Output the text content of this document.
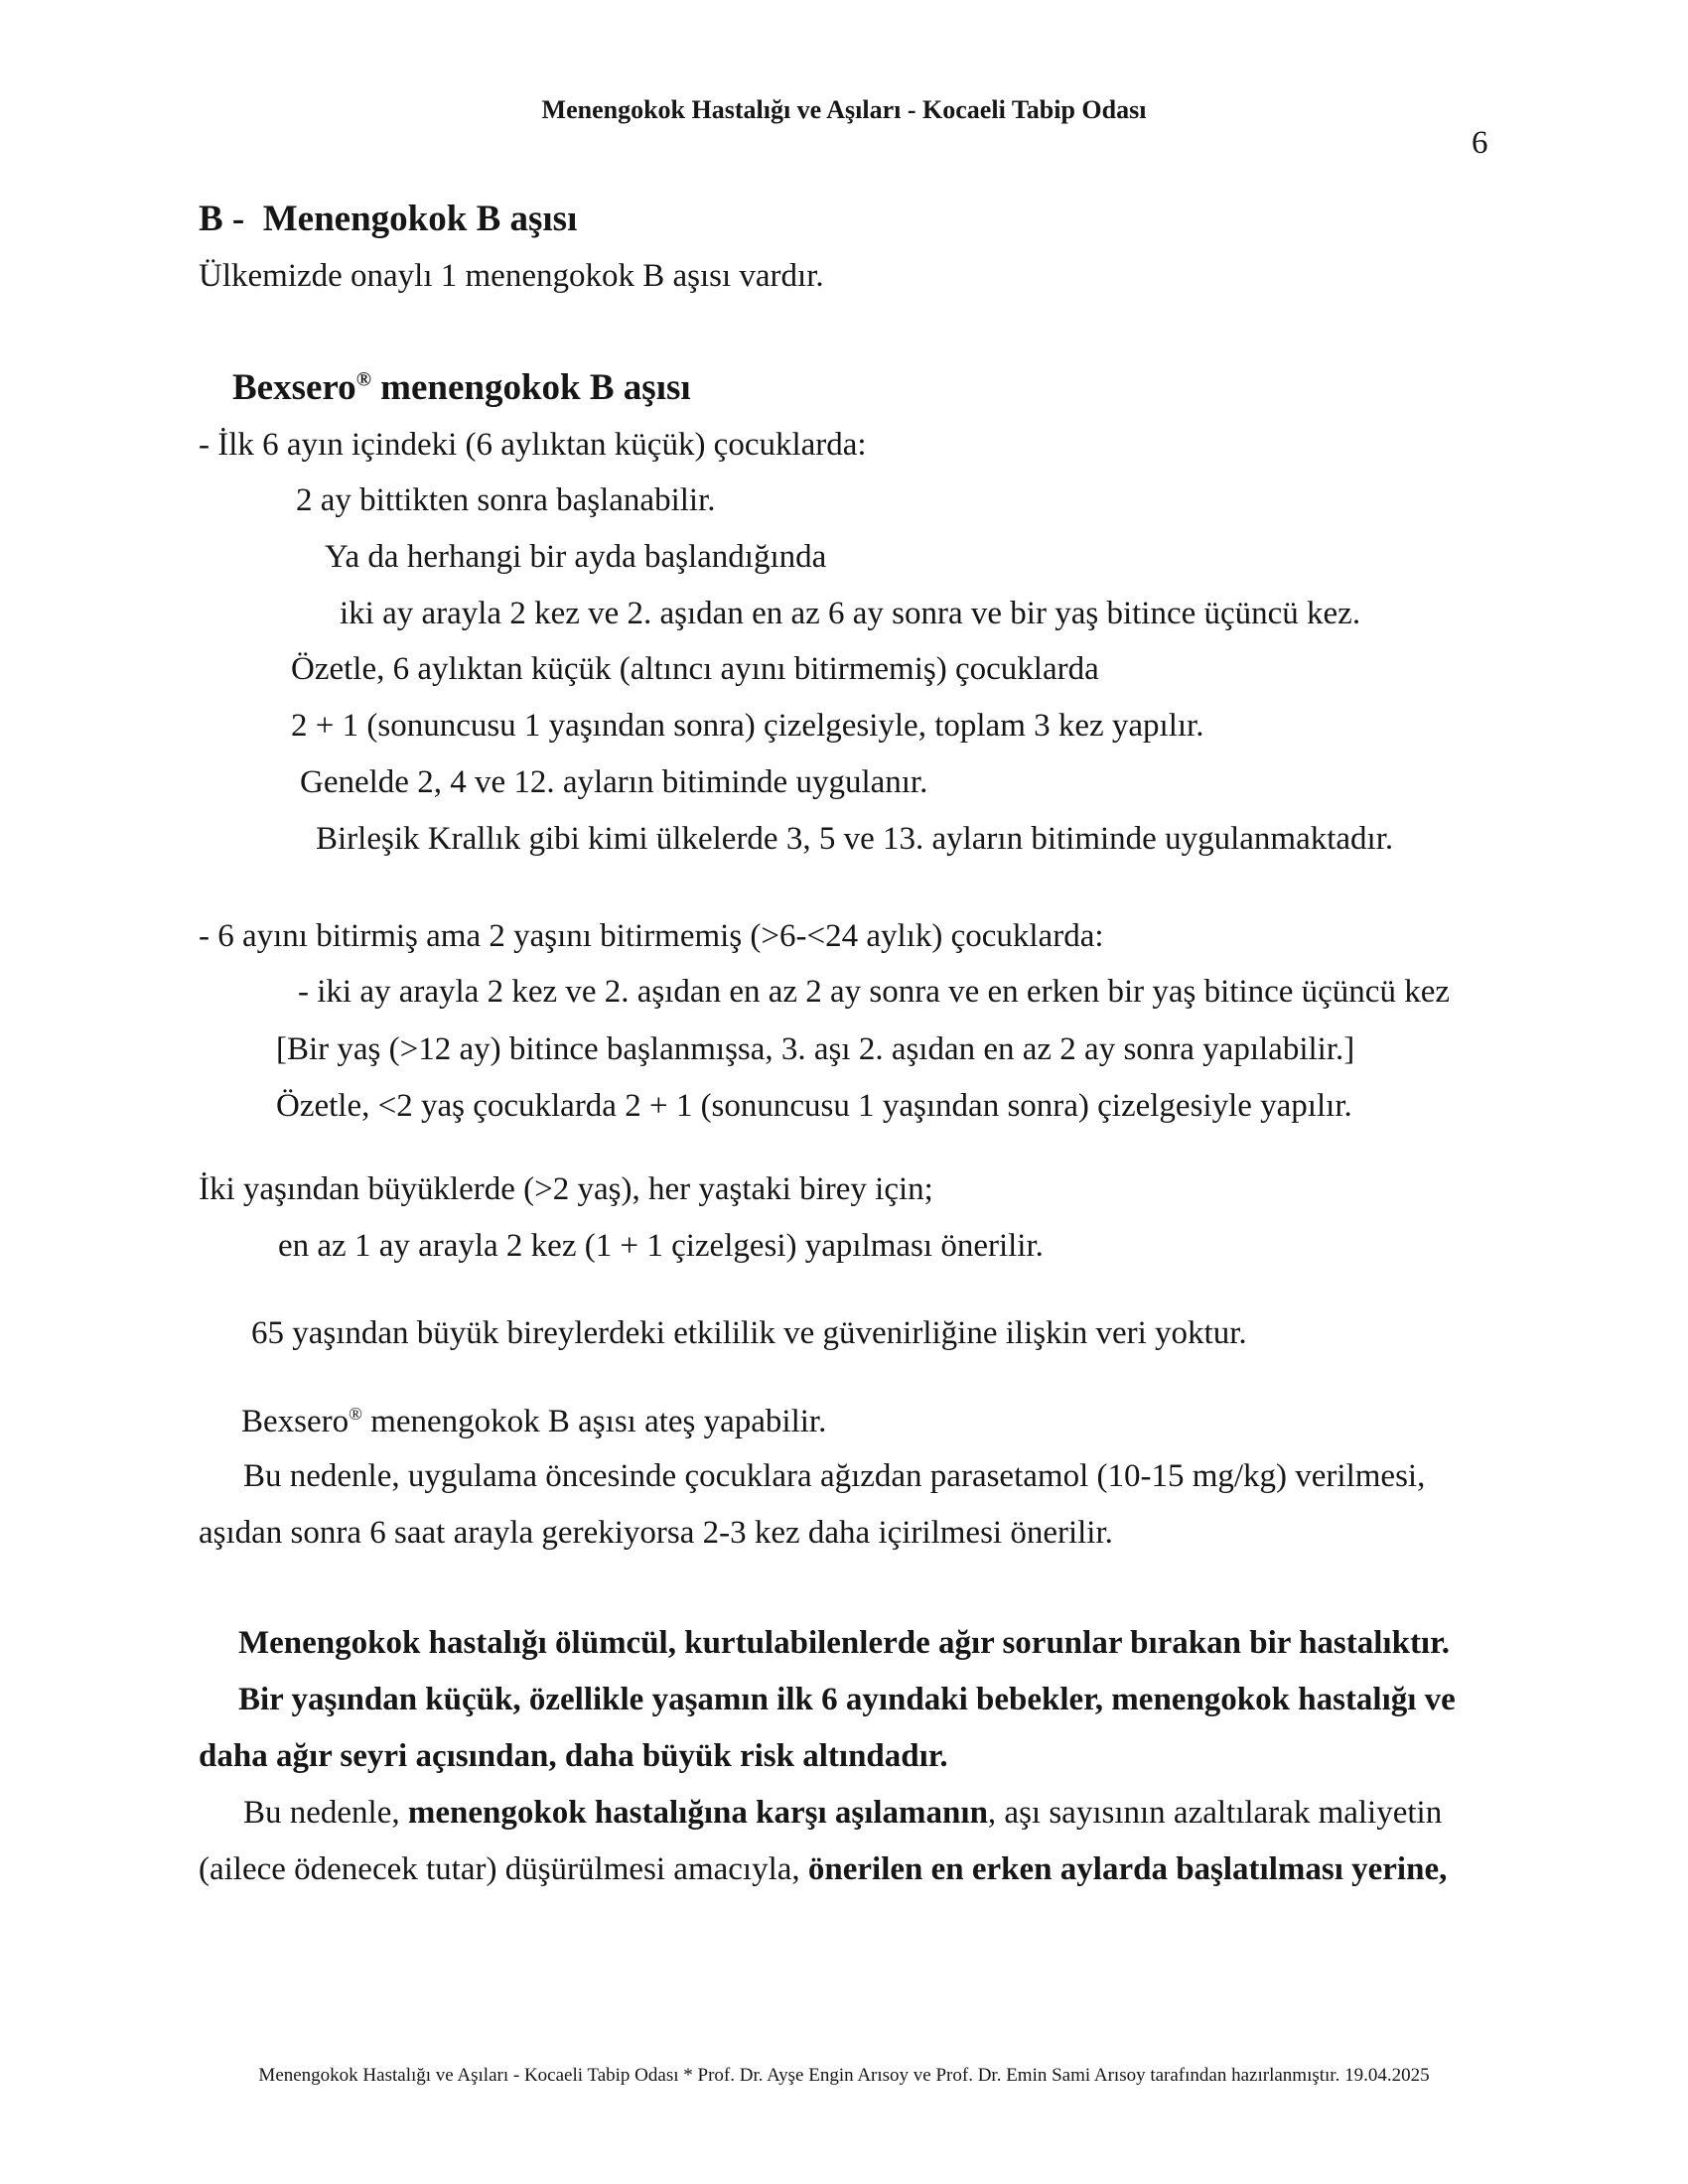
Menengokok Hastalığı ve Aşıları - Kocaeli Tabip Odası
6
B -  Menengokok B aşısı
Ülkemizde onaylı 1 menengokok B aşısı vardır.
Bexsero® menengokok B aşısı
- İlk 6 ayın içindeki (6 aylıktan küçük) çocuklarda:
2 ay bittikten sonra başlanabilir.
Ya da herhangi bir ayda başlandığında
iki ay arayla 2 kez ve 2. aşıdan en az 6 ay sonra ve bir yaş bitince üçüncü kez.
Özetle, 6 aylıktan küçük (altıncı ayını bitirmemiş) çocuklarda
2 + 1 (sonuncusu 1 yaşından sonra) çizelgesiyle, toplam 3 kez yapılır.
Genelde 2, 4 ve 12. ayların bitiminde uygulanır.
Birleşik Krallık gibi kimi ülkelerde 3, 5 ve 13. ayların bitiminde uygulanmaktadır.
- 6 ayını bitirmiş ama 2 yaşını bitirmemiş (>6-<24 aylık) çocuklarda:
- iki ay arayla 2 kez ve 2. aşıdan en az 2 ay sonra ve en erken bir yaş bitince üçüncü kez
[Bir yaş (>12 ay) bitince başlanmışsa, 3. aşı 2. aşıdan en az 2 ay sonra yapılabilir.]
Özetle, <2 yaş çocuklarda 2 + 1 (sonuncusu 1 yaşından sonra) çizelgesiyle yapılır.
İki yaşından büyüklerde (>2 yaş), her yaştaki birey için;
en az 1 ay arayla 2 kez (1 + 1 çizelgesi) yapılması önerilir.
65 yaşından büyük bireylerdeki etkililik ve güvenirliğine ilişkin veri yoktur.
Bexsero® menengokok B aşısı ateş yapabilir.
Bu nedenle, uygulama öncesinde çocuklara ağızdan parasetamol (10-15 mg/kg) verilmesi,
aşıdan sonra 6 saat arayla gerekiyorsa 2-3 kez daha içirilmesi önerilir.
Menengokok hastalığı ölümcül, kurtulabilenlerde ağır sorunlar bırakan bir hastalıktır.
Bir yaşından küçük, özellikle yaşamın ilk 6 ayındaki bebekler, menengokok hastalığı ve
daha ağır seyri açısından, daha büyük risk altındadır.
Bu nedenle, menengokok hastalığına karşı aşılamanın, aşı sayısının azaltılarak maliyetin
(ailece ödenecek tutar) düşürülmesi amacıyla, önerilen en erken aylarda başlatılması yerine,
Menengokok Hastalığı ve Aşıları - Kocaeli Tabip Odası * Prof. Dr. Ayşe Engin Arısoy ve Prof. Dr. Emin Sami Arısoy tarafından hazırlanmıştır. 19.04.2025
